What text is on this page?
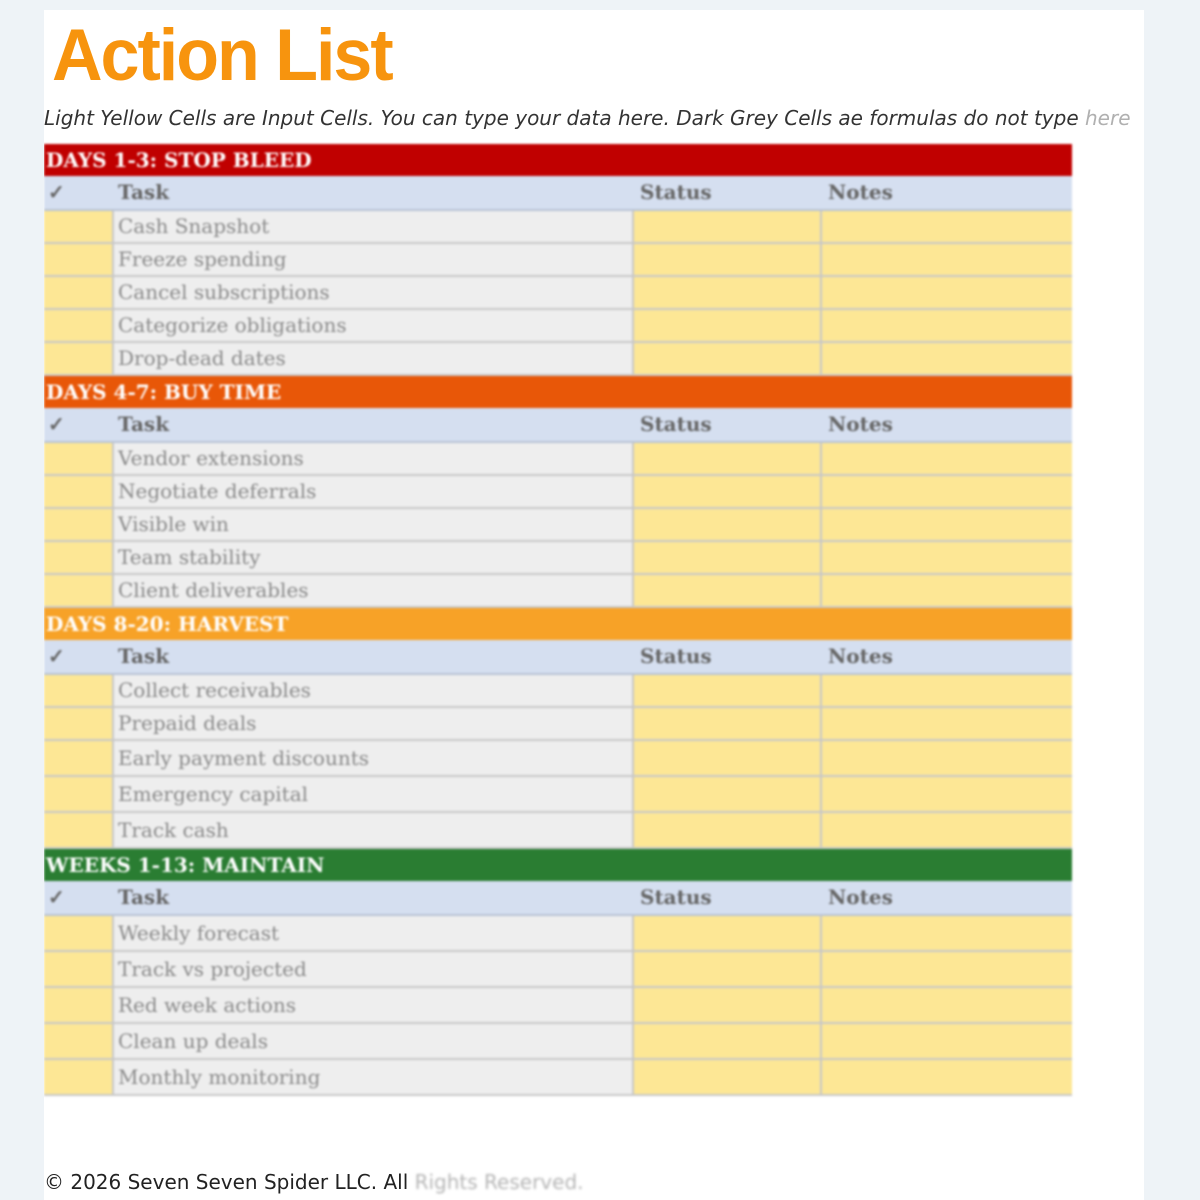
Action List
Light Yellow Cells are Input Cells. You can type your data here. Dark Grey Cells ae formulas do not type here
DAYS 1-3: STOP BLEED
✓	Task	Status	Notes
Cash Snapshot
Freeze spending
Cancel subscriptions
Categorize obligations
Drop-dead dates
DAYS 4-7: BUY TIME
✓	Task	Status	Notes
Vendor extensions
Negotiate deferrals
Visible win
Team stability
Client deliverables
DAYS 8-20: HARVEST
✓	Task	Status	Notes
Collect receivables
Prepaid deals
Early payment discounts
Emergency capital
Track cash
WEEKS 1-13: MAINTAIN
✓	Task	Status	Notes
Weekly forecast
Track vs projected
Red week actions
Clean up deals
Monthly monitoring
© 2026 Seven Seven Spider LLC. All Rights Reserved.
